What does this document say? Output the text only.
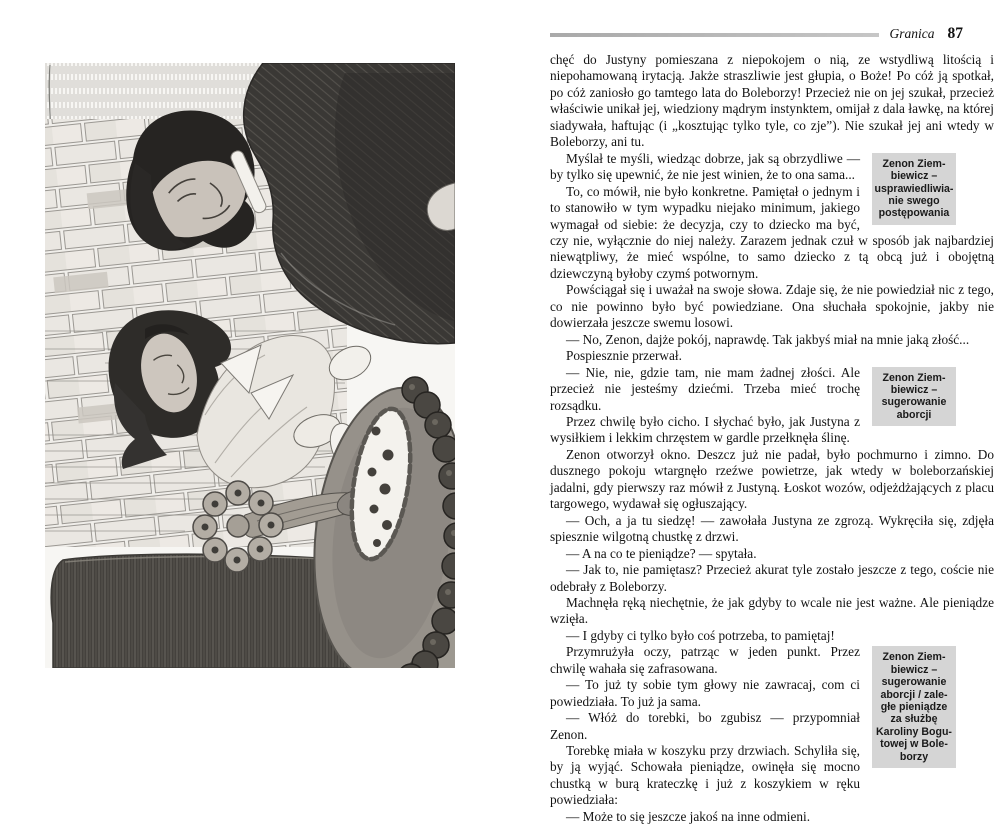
Granica 87

chęć do Justyny pomieszana z niepokojem o nią, ze wstydliwą litością i niepohamowaną irytacją. Jakże straszliwie jest głupia, o Boże! Po cóż ją spotkał, po cóż zaniosło go tamtego lata do Boleborzy! Przecież nie on jej szukał, przecież właściwie unikał jej, wiedziony mądrym instynktem, omijał z dala ławkę, na której siadywała, haftując (i „kosztując tylko tyle, co zje”). Nie szukał jej ani wtedy w Boleborzy, ani tu.

Zenon Ziem-
biewicz –
usprawiedliwia-
nie swego
postępowania

Myślał te myśli, wiedząc dobrze, jak są obrzydliwe — by tylko się upewnić, że nie jest winien, że to ona sama...

To, co mówił, nie było konkretne. Pamiętał o jednym i to stanowiło w tym wypadku niejako minimum, jakiego wymagał od siebie: że decyzja, czy to dziecko ma być, czy nie, wyłącznie do niej należy. Zarazem jednak czuł w sposób jak najbardziej niewątpliwy, że mieć wspólne, to samo dziecko z tą obcą już i obojętną dziewczyną byłoby czymś potwornym.

Powściągał się i uważał na swoje słowa. Zdaje się, że nie powiedział nic z tego, co nie powinno było być powiedziane. Ona słuchała spokojnie, jakby nie dowierzała jeszcze swemu losowi.

— No, Zenon, dajże pokój, naprawdę. Tak jakbyś miał na mnie jaką złość...

Pospiesznie przerwał.

Zenon Ziem-
biewicz –
sugerowanie
aborcji

— Nie, nie, gdzie tam, nie mam żadnej złości. Ale przecież nie jesteśmy dziećmi. Trzeba mieć trochę rozsądku.

Przez chwilę było cicho. I słychać było, jak Justyna z wysiłkiem i lekkim chrzęstem w gardle przełknęła ślinę.

Zenon otworzył okno. Deszcz już nie padał, było pochmurno i zimno. Do dusznego pokoju wtargnęło rzeźwe powietrze, jak wtedy w boleborzańskiej jadalni, gdy pierwszy raz mówił z Justyną. Łoskot wozów, odjeżdżających z placu targowego, wydawał się ogłuszający.

— Och, a ja tu siedzę! — zawołała Justyna ze zgrozą. Wykręciła się, zdjęła spiesznie wilgotną chustkę z drzwi.

— A na co te pieniądze? — spytała.

— Jak to, nie pamiętasz? Przecież akurat tyle zostało jeszcze z tego, coście nie odebrały z Boleborzy.

Machnęła ręką niechętnie, że jak gdyby to wcale nie jest ważne. Ale pieniądze wzięła.

— I gdyby ci tylko było coś potrzeba, to pamiętaj!

Zenon Ziem-
biewicz –
sugerowanie
aborcji / zale-
głe pieniądze
za służbę
Karoliny Bogu-
towej w Bole-
borzy

Przymrużyła oczy, patrząc w jeden punkt. Przez chwilę wahała się zafrasowana.

— To już ty sobie tym głowy nie zawracaj, com ci powiedziała. To już ja sama.

— Włóż do torebki, bo zgubisz — przypomniał Zenon.

Torebkę miała w koszyku przy drzwiach. Schyliła się, by ją wyjąć. Schowała pieniądze, owinęła się mocno chustką w burą krateczkę i już z koszykiem w ręku powiedziała:

— Może to się jeszcze jakoś na inne odmieni.
